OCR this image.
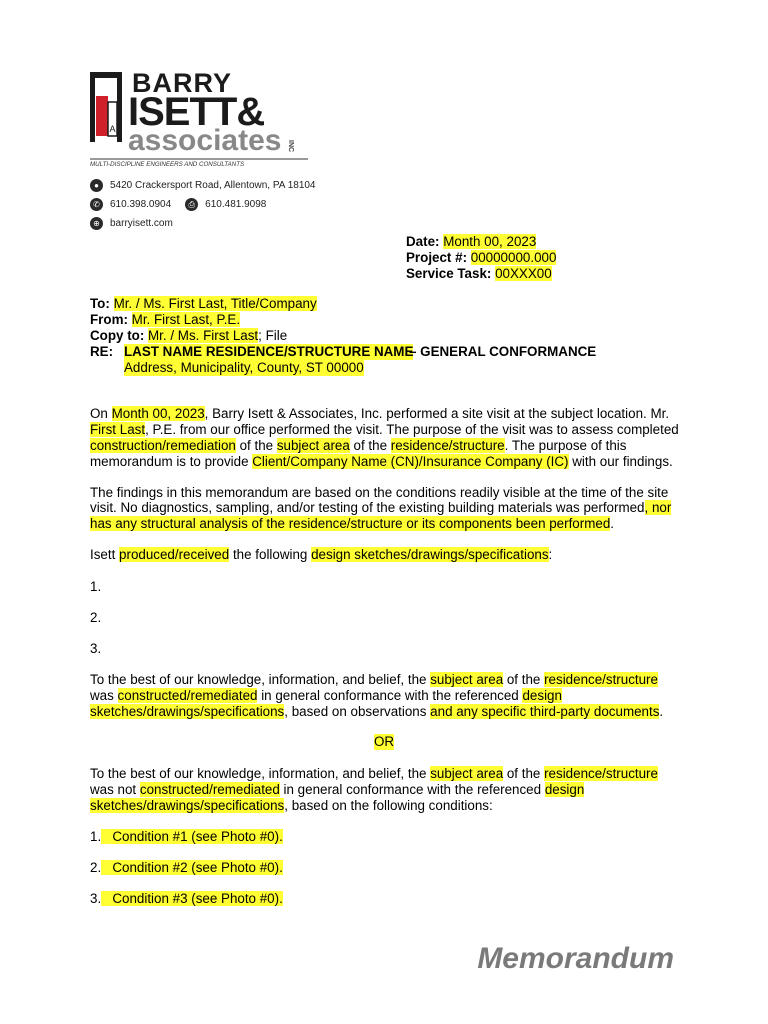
A
BARRY
ISETT&
associates INC
MULTI-DISCIPLINE ENGINEERS AND CONSULTANTS
●	5420 Crackersport Road, Allentown, PA 18104
✆	610.398.0904	⎙	610.481.9098
⊕	barryisett.com
Date: Month 00, 2023
Project #: 00000000.000
Service Task: 00XXX00
To: Mr. / Ms. First Last, Title/Company
From: Mr. First Last, P.E.
Copy to: Mr. / Ms. First Last; File
RE: LAST NAME RESIDENCE/STRUCTURE NAME
– GENERAL CONFORMANCE
Address, Municipality, County, ST 00000
On Month 00, 2023, Barry Isett & Associates, Inc. performed a site visit at the subject location. Mr.
First Last, P.E. from our office performed the visit. The purpose of the visit was to assess completed
construction/remediation of the subject area of the residence/structure. The purpose of this
memorandum is to provide Client/Company Name (CN)/Insurance Company (IC) with our findings.
The findings in this memorandum are based on the conditions readily visible at the time of the site
visit. No diagnostics, sampling, and/or testing of the existing building materials was performed, nor
has any structural analysis of the residence/structure or its components been performed.
Isett produced/received the following design sketches/drawings/specifications:
1.
2.
3.
To the best of our knowledge, information, and belief, the subject area of the residence/structure
was constructed/remediated in general conformance with the referenced design
sketches/drawings/specifications, based on observations and any specific third-party documents.
OR
To the best of our knowledge, information, and belief, the subject area of the residence/structure
was not constructed/remediated in general conformance with the referenced design
sketches/drawings/specifications, based on the following conditions:
1.   Condition #1 (see Photo #0).
2.   Condition #2 (see Photo #0).
3.   Condition #3 (see Photo #0).
Memorandum
